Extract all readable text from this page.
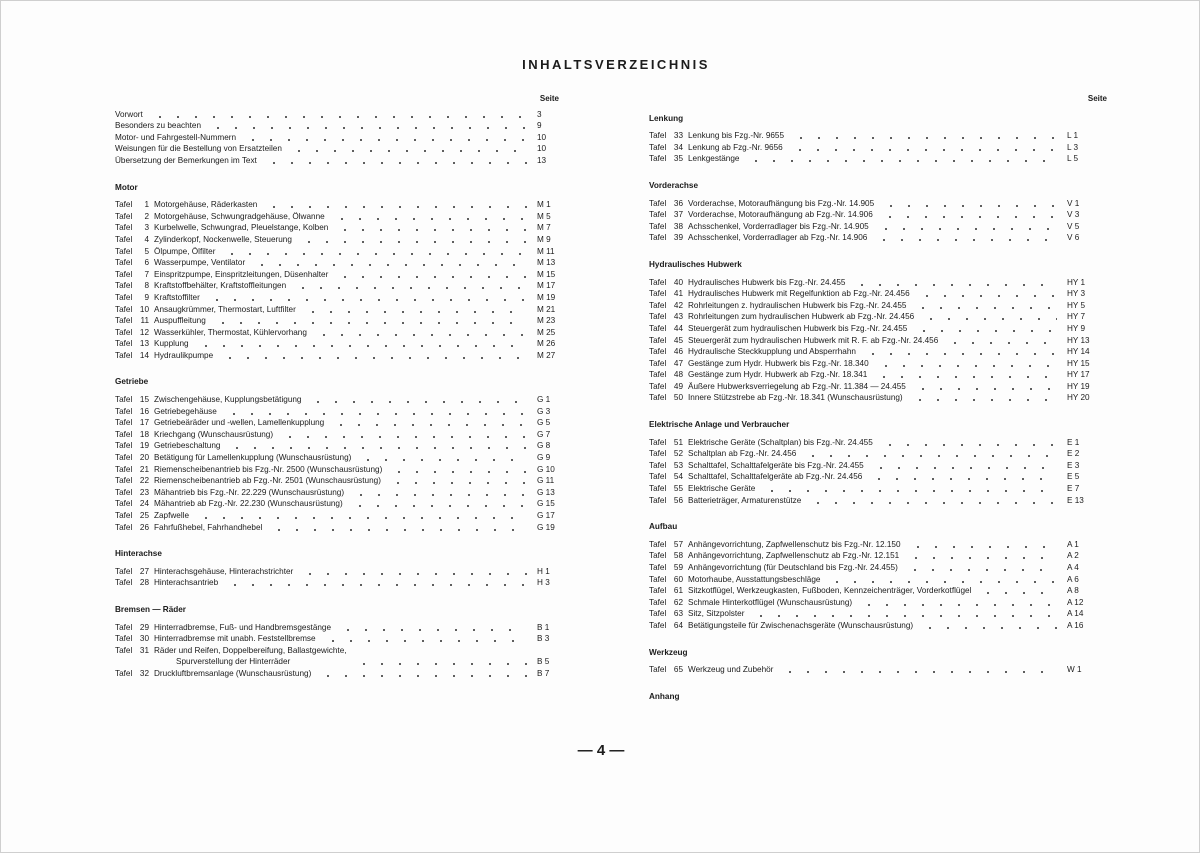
INHALTSVERZEICHNIS
Seite
Vorwort	3
Besonders zu beachten	9
Motor- und Fahrgestell-Nummern	10
Weisungen für die Bestellung von Ersatzteilen	10
Übersetzung der Bemerkungen im Text	13
Motor
Tafel	1 Motorgehäuse, Räderkasten	M 1
Tafel	2 Motorgehäuse, Schwungradgehäuse, Ölwanne	M 5
Tafel	3 Kurbelwelle, Schwungrad, Pleuelstange, Kolben	M 7
Tafel	4 Zylinderkopf, Nockenwelle, Steuerung	M 9
Tafel	5 Ölpumpe, Ölfilter	M 11
Tafel	6 Wasserpumpe, Ventilator	M 13
Tafel	7 Einspritzpumpe, Einspritzleitungen, Düsenhalter	M 15
Tafel	8 Kraftstoffbehälter, Kraftstoffleitungen	M 17
Tafel	9 Kraftstoffilter	M 19
Tafel 10 Ansaugkrümmer, Thermostart, Luftfilter	M 21
Tafel	11 Auspuffleitung	M 23
Tafel 12 Wasserkühler, Thermostat, Kühlervorhang	M 25
Tafel 13 Kupplung	M 26
Tafel 14 Hydraulikpumpe	M 27
Getriebe
Tafel 15 Zwischengehäuse, Kupplungsbetätigung	G 1
Tafel 16 Getriebegehäuse	G 3
Tafel 17 Getriebeäräder und -wellen, Lamellenkupplung	G 5
Tafel 18 Kriechgang (Wunschausrüstung)	G 7
Tafel 19 Getriebeschaltung	G 8
Tafel 20 Betätigung für Lamellenkupplung (Wunschausrüstung)	G 9
Tafel 21 Riemenscheibenantrieb bis Fzg.-Nr. 2500 (Wunschausrüstung)	G 10
Tafel 22 Riemenscheibenantrieb ab Fzg.-Nr. 2501 (Wunschausrüstung)	G 11
Tafel 23 Mähantrieb bis Fzg.-Nr. 22.229 (Wunschausrüstung)	G 13
Tafel 24 Mähantrieb ab Fzg.-Nr. 22.230 (Wunschausrüstung)	G 15
Tafel 25 Zapfwelle	G 17
Tafel 26 Fahrfußhebel, Fahrhandhebel	G 19
Hinterachse
Tafel 27 Hinterachsgehäuse, Hinterachstrichter	H 1
Tafel 28 Hinterachsantrieb	H 3
Bremsen — Räder
Tafel 29 Hinterradbremse, Fuß- und Handbremsgestänge	B 1
Tafel 30 Hinterradbremse mit unabh. Feststellbremse	B 3
Tafel 31 Räder und Reifen, Doppelbereifung, Ballastgewichte,
Spurverstellung der Hinterräder	B 5
Tafel 32 Druckluftbremsanlage (Wunschausrüstung)	B 7
Seite
Lenkung
Tafel 33 Lenkung bis Fzg.-Nr. 9655	L 1
Tafel 34 Lenkung ab Fzg.-Nr. 9656	L 3
Tafel 35 Lenkgestänge	L 5
Vorderachse
Tafel 36 Vorderachse, Motoraufhängung bis Fzg.-Nr. 14.905	V 1
Tafel 37 Vorderachse, Motoraufhängung ab Fzg.-Nr. 14.906	V 3
Tafel 38 Achsschenkel, Vorderradlager bis Fzg.-Nr. 14.905	V 5
Tafel 39 Achsschenkel, Vorderradlager ab Fzg.-Nr. 14.906	V 6
Hydraulisches Hubwerk
Tafel 40 Hydraulisches Hubwerk bis Fzg.-Nr. 24.455	HY 1
Tafel 41 Hydraulisches Hubwerk mit Regelfunktion ab Fzg.-Nr. 24.456	HY 3
Tafel 42 Rohrleitungen z. hydraulischen Hubwerk bis Fzg.-Nr. 24.455	HY 5
Tafel 43 Rohrleitungen zum hydraulischen Hubwerk ab Fzg.-Nr. 24.456	HY 7
Tafel 44 Steuergerät zum hydraulischen Hubwerk bis Fzg.-Nr. 24.455	HY 9
Tafel 45 Steuergerät zum hydraulischen Hubwerk mit R. F. ab Fzg.-Nr. 24.456	HY 13
Tafel 46 Hydraulische Steckkupplung und Absperrhahn	HY 14
Tafel 47 Gestänge zum Hydr. Hubwerk bis Fzg.-Nr. 18.340	HY 15
Tafel 48 Gestänge zum Hydr. Hubwerk ab Fzg.-Nr. 18.341	HY 17
Tafel 49 Äußere Hubwerksverriegelung ab Fzg.-Nr. 11.384 — 24.455	HY 19
Tafel 50 Innere Stützstrebe ab Fzg.-Nr. 18.341 (Wunschausrüstung)	HY 20
Elektrische Anlage und Verbraucher
Tafel 51 Elektrische Geräte (Schaltplan) bis Fzg.-Nr. 24.455	E 1
Tafel 52 Schaltplan ab Fzg.-Nr. 24.456	E 2
Tafel 53 Schalttafel, Schalttafelgeräte bis Fzg.-Nr. 24.455	E 3
Tafel 54 Schalttafel, Schalttafelgeräte ab Fzg.-Nr. 24.456	E 5
Tafel 55 Elektrische Geräte	E 7
Tafel 56 Batterieträger, Armaturenstütze	E 13
Aufbau
Tafel 57 Anhängevorrichtung, Zapfwellenschutz bis Fzg.-Nr. 12.150	A 1
Tafel 58 Anhängevorrichtung, Zapfwellenschutz ab Fzg.-Nr. 12.151	A 2
Tafel 59 Anhängevorrichtung (für Deutschland bis Fzg.-Nr. 24.455)	A 4
Tafel 60 Motorhaube, Ausstattungsbeschläge	A 6
Tafel 61 Sitzkotflügel, Werkzeugkasten, Fußboden, Kennzeichenträger, Vorderkotflügel	A 8
Tafel 62 Schmale Hinterkotflügel (Wunschausrüstung)	A 12
Tafel 63 Sitz, Sitzpolster	A 14
Tafel 64 Betätigungsteile für Zwischenachsgeräte (Wunschausrüstung)	A 16
Werkzeug
Tafel 65 Werkzeug und Zubehör	W 1
Anhang
— 4 —
